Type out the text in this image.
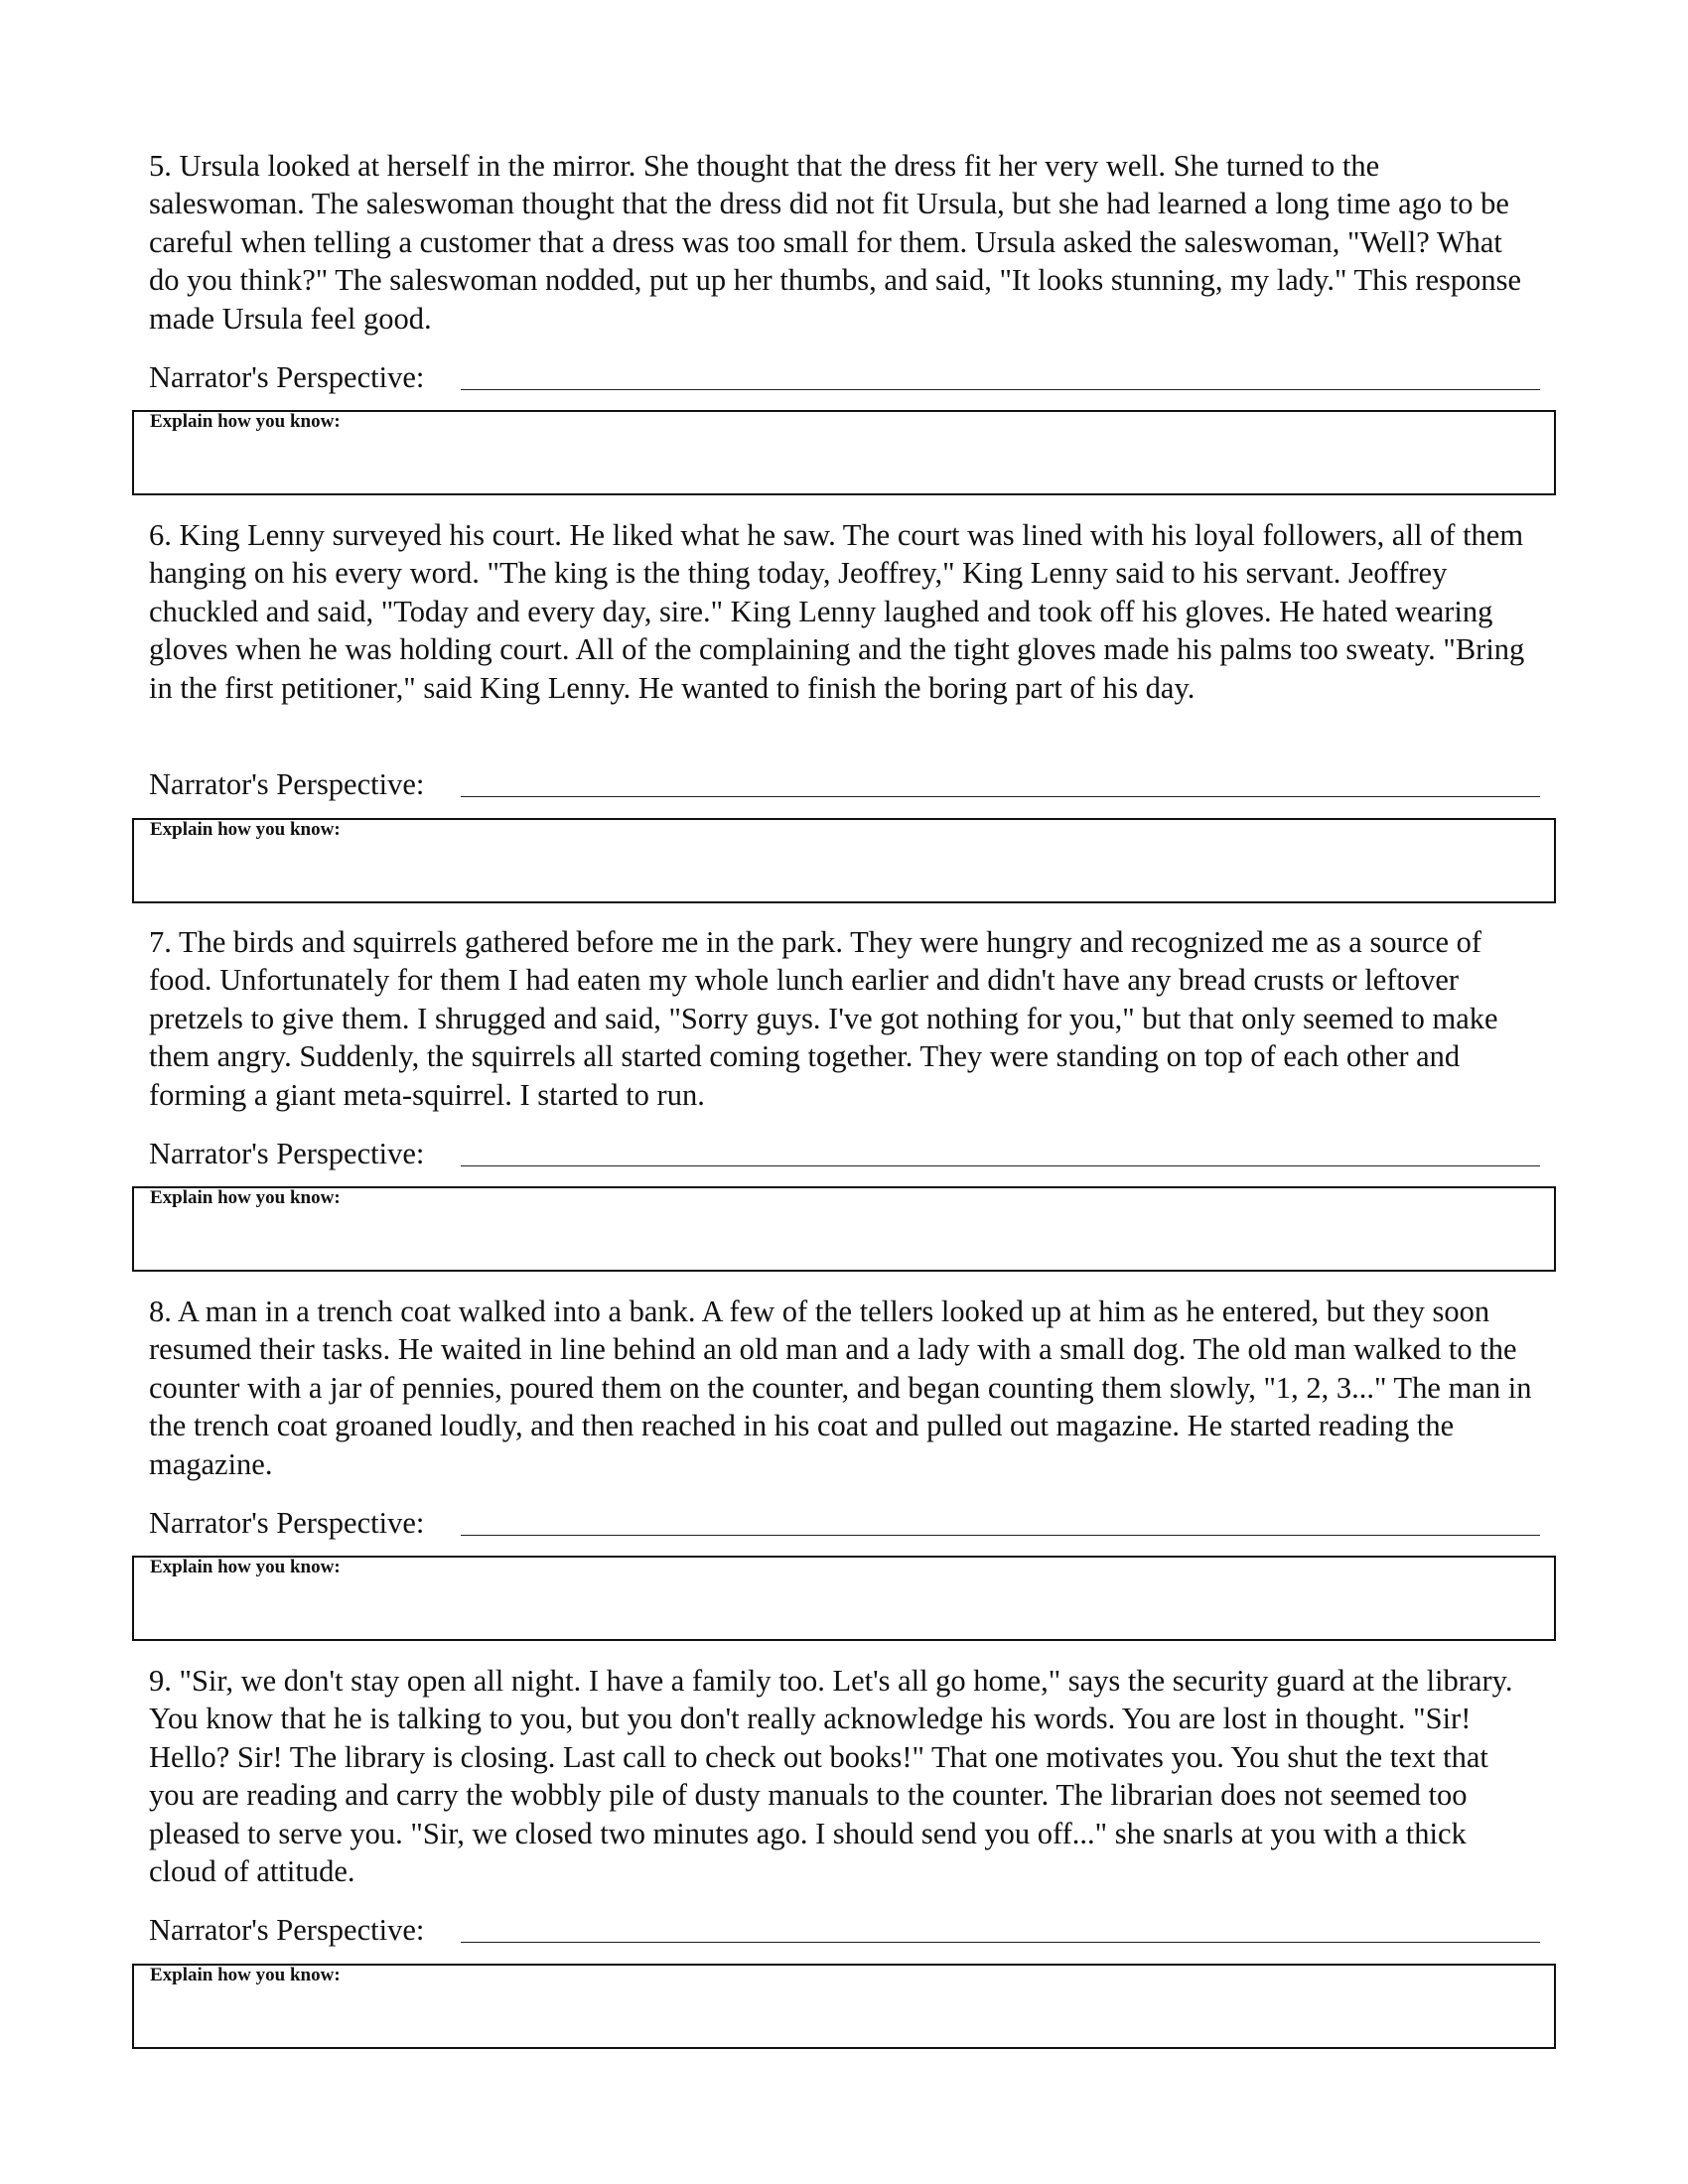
5. Ursula looked at herself in the mirror. She thought that the dress fit her very well. She turned to the saleswoman. The saleswoman thought that the dress did not fit Ursula, but she had learned a long time ago to be careful when telling a customer that a dress was too small for them. Ursula asked the saleswoman, "Well? What do you think?" The saleswoman nodded, put up her thumbs, and said, "It looks stunning, my lady." This response made Ursula feel good.

Narrator's Perspective:
Explain how you know:

6. King Lenny surveyed his court. He liked what he saw. The court was lined with his loyal followers, all of them hanging on his every word. "The king is the thing today, Jeoffrey," King Lenny said to his servant. Jeoffrey chuckled and said, "Today and every day, sire." King Lenny laughed and took off his gloves. He hated wearing gloves when he was holding court. All of the complaining and the tight gloves made his palms too sweaty. "Bring in the first petitioner," said King Lenny. He wanted to finish the boring part of his day.

Narrator's Perspective:
Explain how you know:

7. The birds and squirrels gathered before me in the park. They were hungry and recognized me as a source of food. Unfortunately for them I had eaten my whole lunch earlier and didn't have any bread crusts or leftover pretzels to give them. I shrugged and said, "Sorry guys. I've got nothing for you," but that only seemed to make them angry. Suddenly, the squirrels all started coming together. They were standing on top of each other and forming a giant meta-squirrel. I started to run.

Narrator's Perspective:
Explain how you know:

8. A man in a trench coat walked into a bank. A few of the tellers looked up at him as he entered, but they soon resumed their tasks. He waited in line behind an old man and a lady with a small dog. The old man walked to the counter with a jar of pennies, poured them on the counter, and began counting them slowly, "1, 2, 3..." The man in the trench coat groaned loudly, and then reached in his coat and pulled out magazine. He started reading the magazine.

Narrator's Perspective:
Explain how you know:

9. "Sir, we don't stay open all night. I have a family too. Let's all go home," says the security guard at the library. You know that he is talking to you, but you don't really acknowledge his words. You are lost in thought. "Sir! Hello? Sir! The library is closing. Last call to check out books!" That one motivates you. You shut the text that you are reading and carry the wobbly pile of dusty manuals to the counter. The librarian does not seemed too pleased to serve you. "Sir, we closed two minutes ago. I should send you off..." she snarls at you with a thick cloud of attitude.

Narrator's Perspective:
Explain how you know:
